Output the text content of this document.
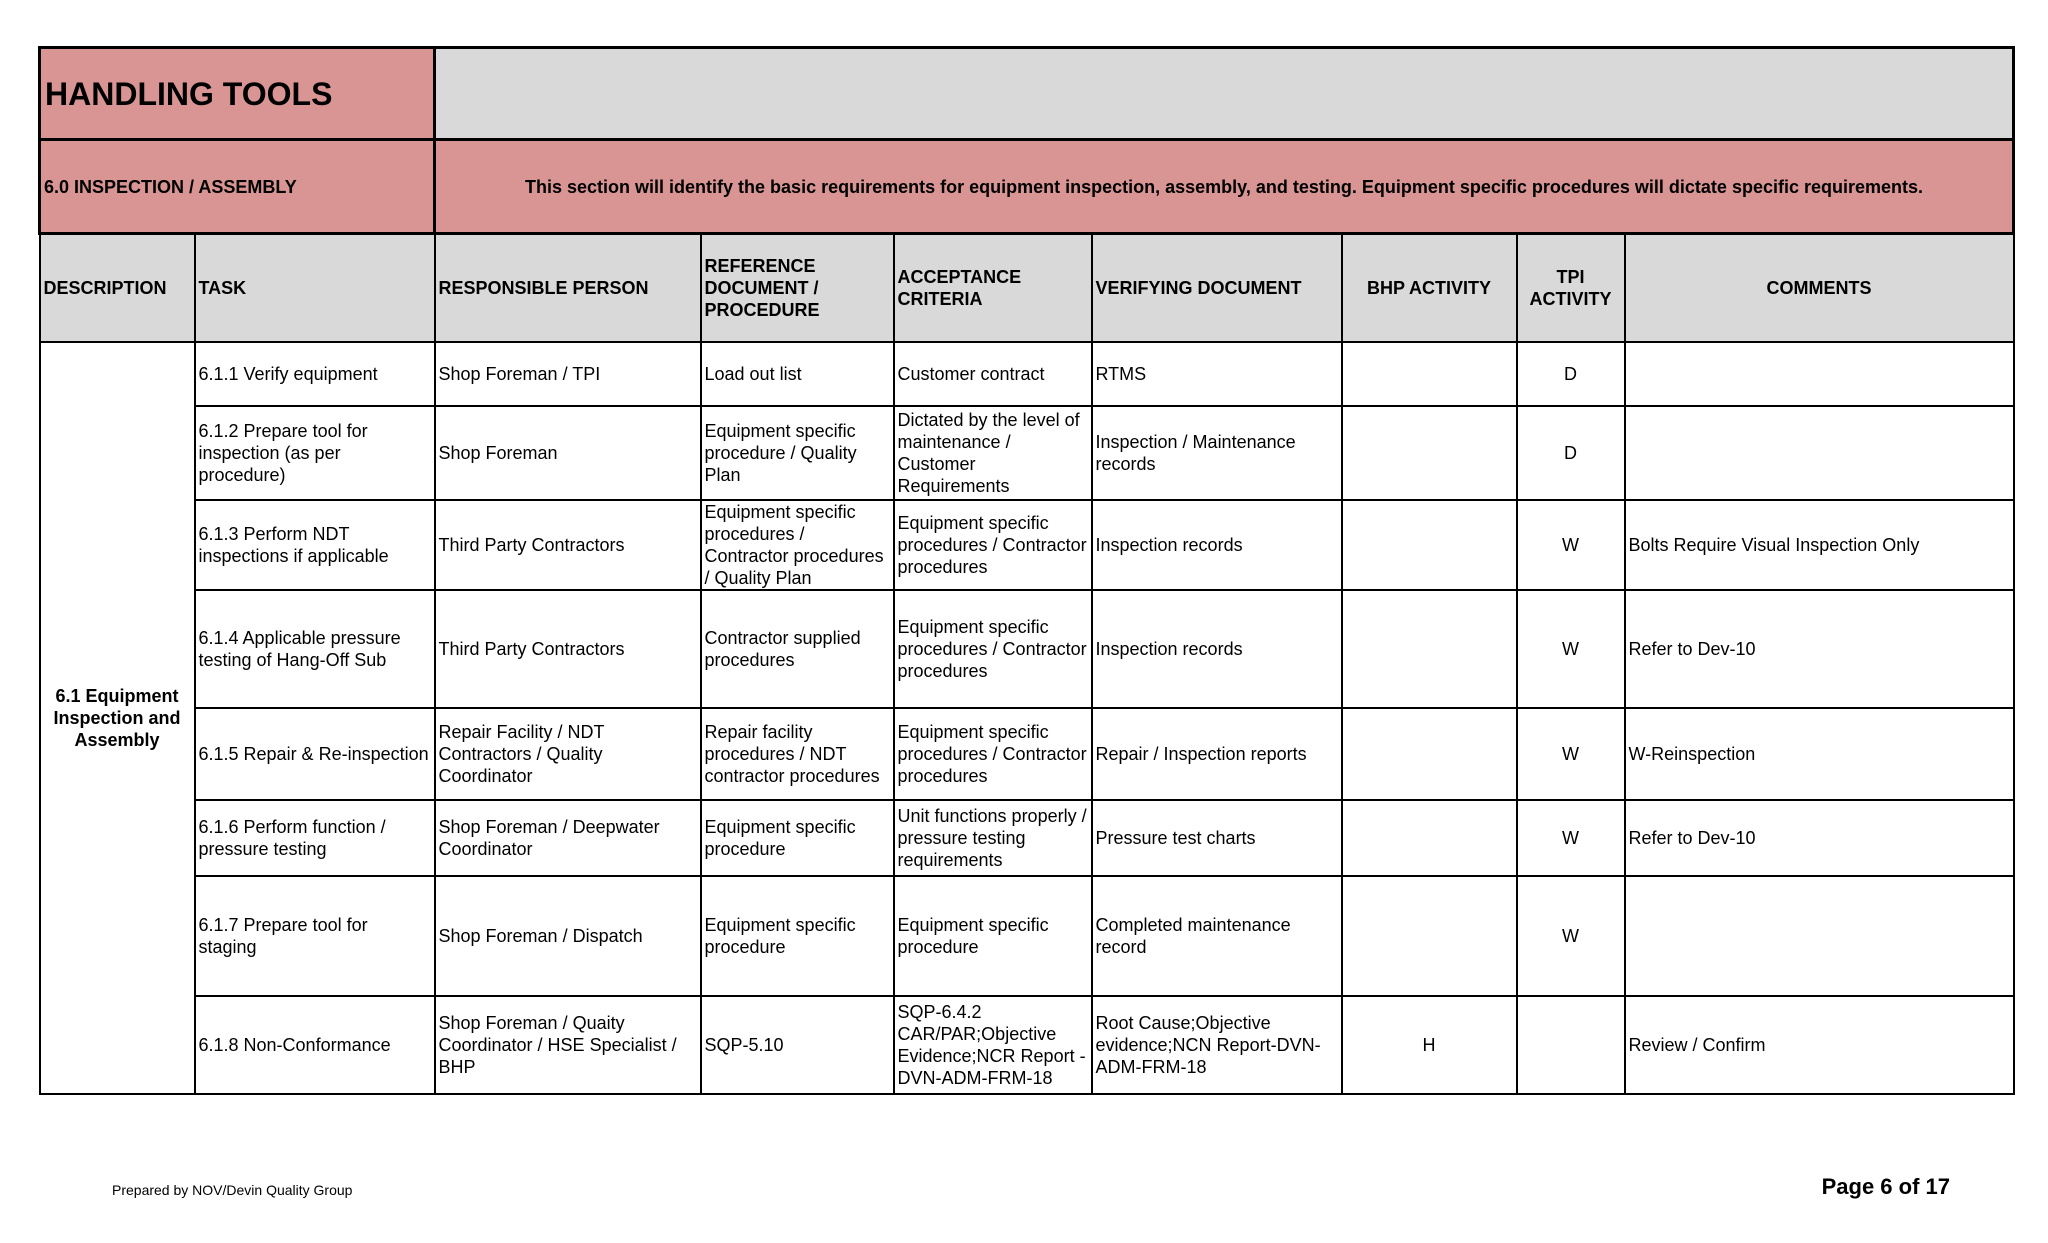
HANDLING TOOLS								
6.0 INSPECTION / ASSEMBLY		This section will identify the basic requirements for equipment inspection, assembly, and testing. Equipment specific procedures will dictate specific requirements.						
DESCRIPTION	TASK	RESPONSIBLE PERSON	REFERENCE DOCUMENT / PROCEDURE	ACCEPTANCE CRITERIA	VERIFYING DOCUMENT	BHP ACTIVITY	TPI ACTIVITY	COMMENTS
6.1 Equipment Inspection and Assembly	6.1.1 Verify equipment	Shop Foreman / TPI	Load out list	Customer contract	RTMS		D	
	6.1.2 Prepare tool for inspection (as per procedure)	Shop Foreman	Equipment specific procedure / Quality Plan	Dictated by the level of maintenance / Customer Requirements	Inspection / Maintenance records		D	
	6.1.3 Perform NDT inspections if applicable	Third Party Contractors	Equipment specific procedures / Contractor procedures / Quality Plan	Equipment specific procedures / Contractor procedures	Inspection records		W	Bolts Require Visual Inspection Only
	6.1.4 Applicable pressure testing of Hang-Off Sub	Third Party Contractors	Contractor supplied procedures	Equipment specific procedures / Contractor procedures	Inspection records		W	Refer to Dev-10
	6.1.5 Repair & Re-inspection	Repair Facility / NDT Contractors / Quality Coordinator	Repair facility procedures / NDT contractor procedures	Equipment specific procedures / Contractor procedures	Repair / Inspection reports		W	W-Reinspection
	6.1.6 Perform function / pressure testing	Shop Foreman / Deepwater Coordinator	Equipment specific procedure	Unit functions properly / pressure testing requirements	Pressure test charts		W	Refer to Dev-10
	6.1.7 Prepare tool for staging	Shop Foreman / Dispatch	Equipment specific procedure	Equipment specific procedure	Completed maintenance record		W	
	6.1.8 Non-Conformance	Shop Foreman / Quaity Coordinator / HSE Specialist / BHP	SQP-5.10	SQP-6.4.2 CAR/PAR;Objective Evidence;NCR Report - DVN-ADM-FRM-18	Root Cause;Objective evidence;NCN Report-DVN-ADM-FRM-18	H		Review / Confirm
Prepared by NOV/Devin Quality Group	Page 6 of 17
